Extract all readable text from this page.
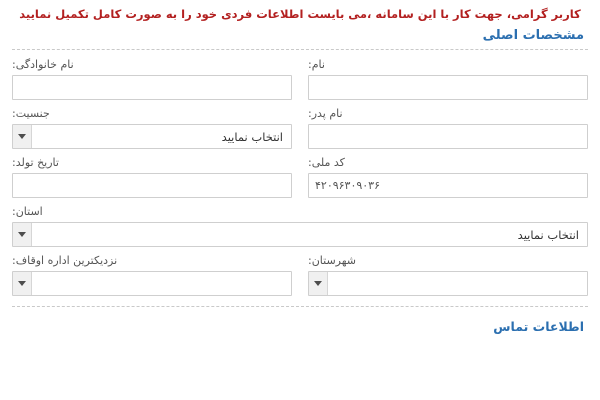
کاربر گرامی، جهت کار با این سامانه ،می بایست اطلاعات فردی خود را به صورت کامل تکمیل نمایید
مشخصات اصلی
نام:
نام خانوادگی:
نام پدر:
جنسیت:
انتخاب نمایید
کد ملی:
۴۲۰۹۶۳۰۹۰۳۶
تاریخ تولد:
استان:
انتخاب نمایید
شهرستان:
نزدیکترین اداره اوقاف:
اطلاعات تماس
